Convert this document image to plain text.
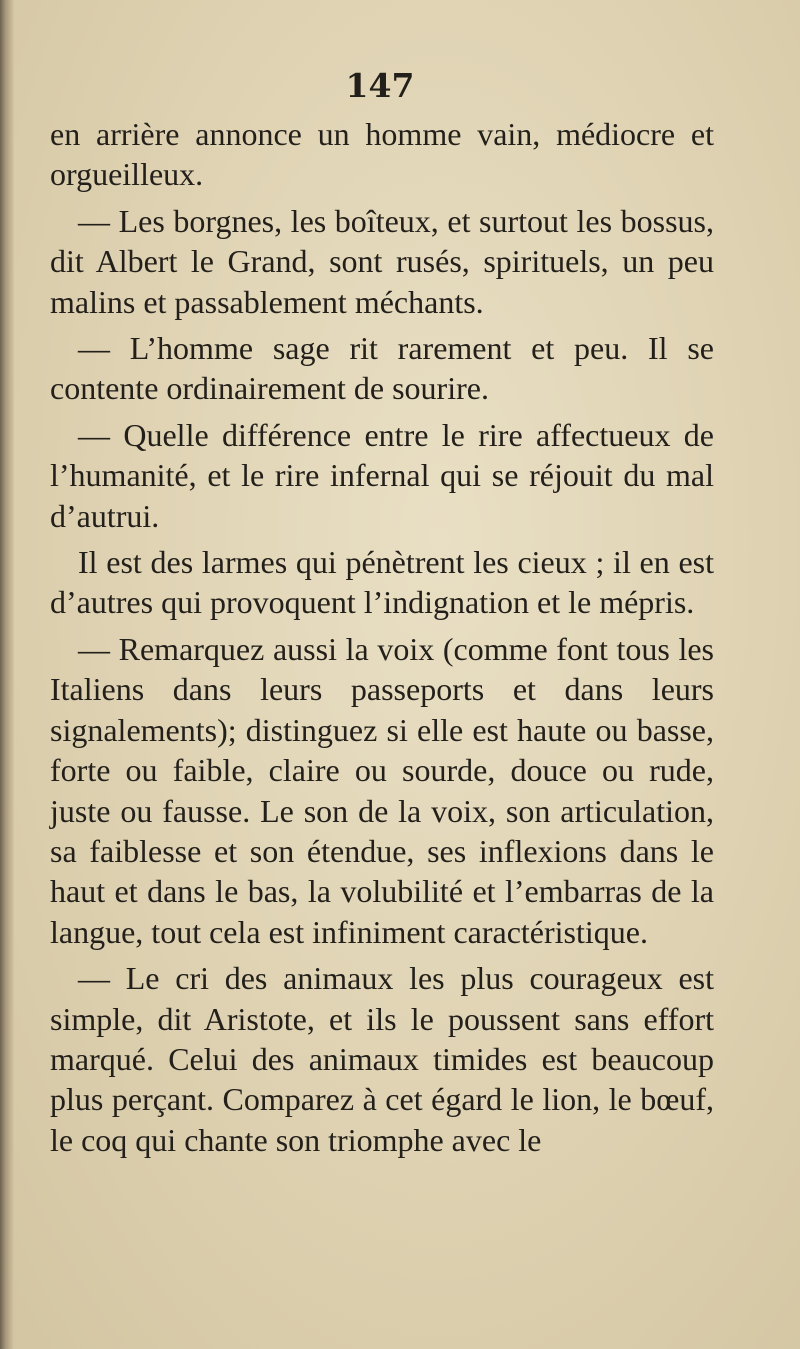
147

en arrière annonce un homme vain, médiocre et orgueilleux.

— Les borgnes, les boîteux, et surtout les bossus, dit Albert le Grand, sont rusés, spirituels, un peu malins et passablement méchants.

— L’homme sage rit rarement et peu. Il se contente ordinairement de sourire.

— Quelle différence entre le rire affectueux de l’humanité, et le rire infernal qui se réjouit du mal d’autrui.

Il est des larmes qui pénètrent les cieux ; il en est d’autres qui provoquent l’indignation et le mépris.

— Remarquez aussi la voix (comme font tous les Italiens dans leurs passeports et dans leurs signalements); distinguez si elle est haute ou basse, forte ou faible, claire ou sourde, douce ou rude, juste ou fausse. Le son de la voix, son articulation, sa faiblesse et son étendue, ses inflexions dans le haut et dans le bas, la volubilité et l’embarras de la langue, tout cela est infiniment caractéristique.

— Le cri des animaux les plus courageux est simple, dit Aristote, et ils le poussent sans effort marqué. Celui des animaux timides est beaucoup plus perçant. Comparez à cet égard le lion, le bœuf, le coq qui chante son triomphe avec le
